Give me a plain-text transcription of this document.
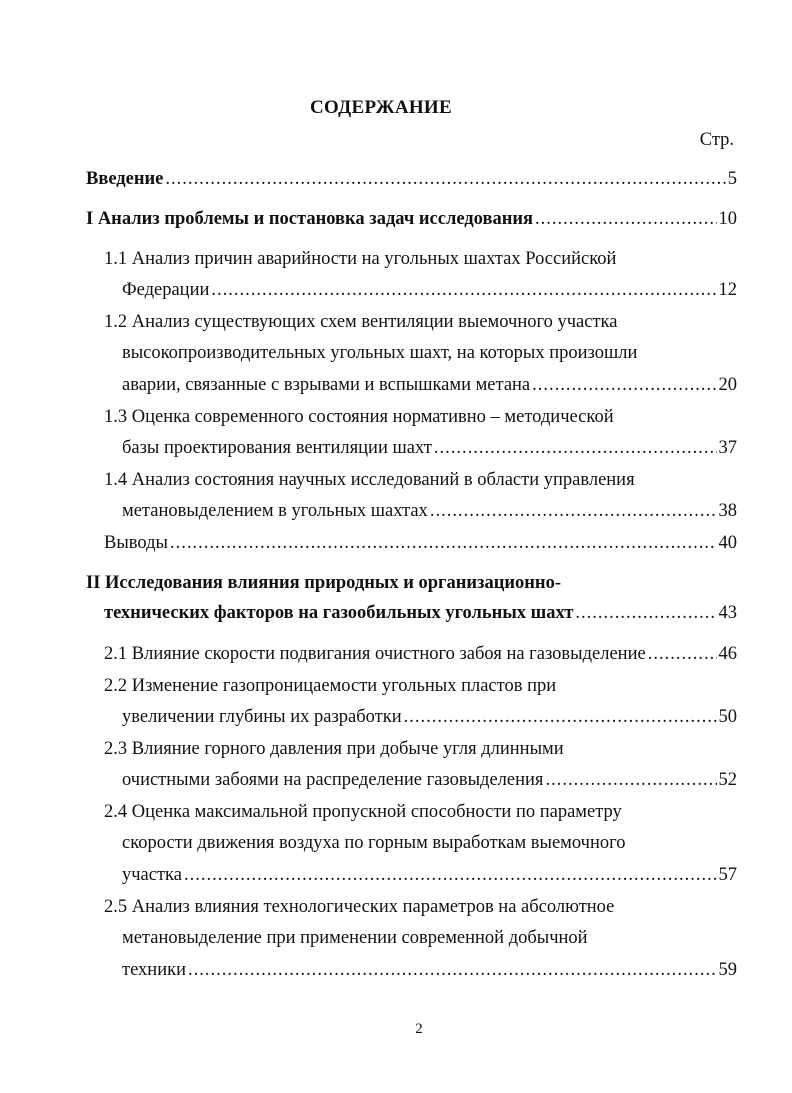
СОДЕРЖАНИЕ
Стр.
Введение .....	5
I Анализ проблемы и постановка задач исследования .....	10
1.1 Анализ причин аварийности на угольных шахтах Российской
Федерации .....	12
1.2 Анализ существующих схем вентиляции выемочного участка
высокопроизводительных угольных шахт, на которых произошли
аварии, связанные с взрывами и вспышками метана .....	20
1.3 Оценка современного состояния нормативно – методической
базы проектирования вентиляции шахт .....	37
1.4 Анализ состояния научных исследований в области управления
метановыделением в угольных шахтах .....	38
Выводы .....	40
II Исследования влияния природных и организационно-
технических факторов на газообильных угольных шахт .....	43
2.1 Влияние скорости подвигания очистного забоя на газовыделение .....	46
2.2 Изменение газопроницаемости угольных пластов при
увеличении глубины их разработки .....	50
2.3 Влияние горного давления при добыче угля длинными
очистными забоями на распределение газовыделения .....	52
2.4 Оценка максимальной пропускной способности по параметру
скорости движения воздуха по горным выработкам выемочного
участка .....	57
2.5 Анализ влияния технологических параметров на абсолютное
метановыделение при применении современной добычной
техники .....	59
2
